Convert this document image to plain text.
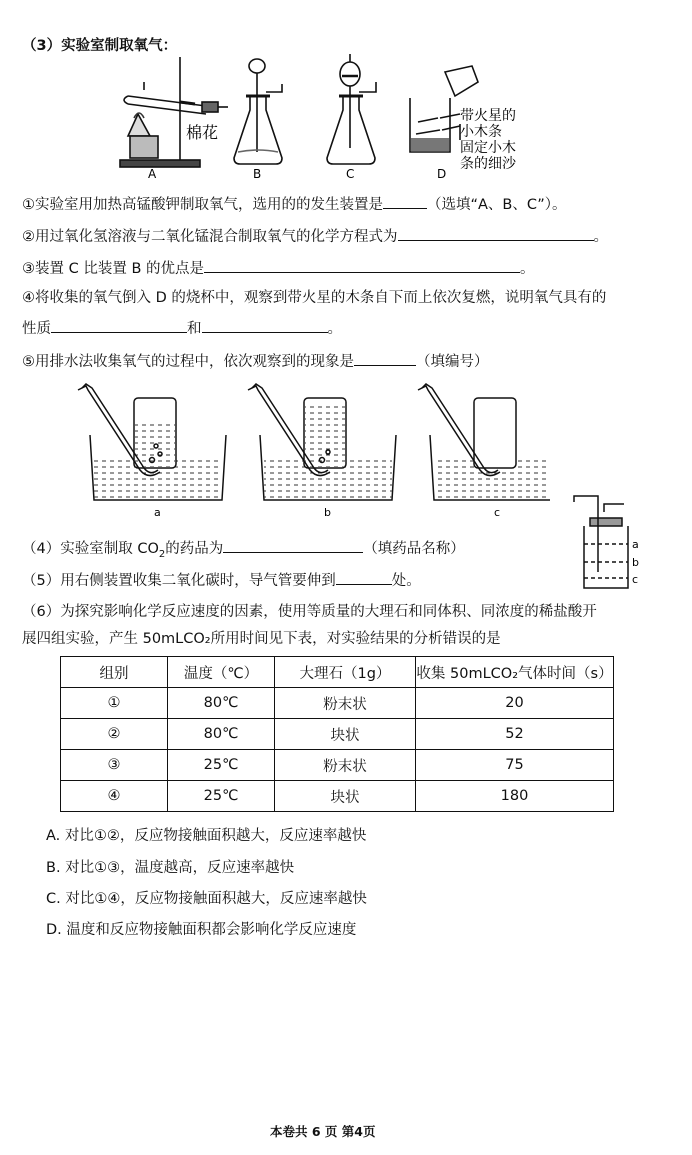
（3）实验室制取氧气：
A
棉花
B	C	D
带火星的
小木条
固定小木
条的细沙
①实验室用加热高锰酸钾制取氧气，选用的的发生装置是	（选填“A、B、C”）。
②用过氧化氢溶液与二氧化锰混合制取氧气的化学方程式为	。
③装置 C 比装置 B 的优点是	。
④将收集的氧气倒入 D 的烧杯中，观察到带火星的木条自下而上依次复燃，说明氧气具有的
性质	和	。
⑤用排水法收集氧气的过程中，依次观察到的现象是	（填编号）
a	b	c
（4）实验室制取 $CO_2$的药品为	（填药品名称）
（5）用右侧装置收集二氧化碳时，导气管要伸到	处。
a
b
c
（6）为探究影响化学反应速度的因素，使用等质量的大理石和同体积、同浓度的稀盐酸开
展四组实验，产生 50mLCO₂所用时间见下表，对实验结果的分析错误的是
组别	温度（℃）	大理石（1g）	收集 50mLCO₂气体时间（s）
①	80℃	粉末状	20
②	80℃	块状	52
③	25℃	粉末状	75
④	25℃	块状	180
A. 对比①②，反应物接触面积越大，反应速率越快
B. 对比①③，温度越高，反应速率越快
C. 对比①④，反应物接触面积越大，反应速率越快
D. 温度和反应物接触面积都会影响化学反应速度
本卷共 6 页 第4页
